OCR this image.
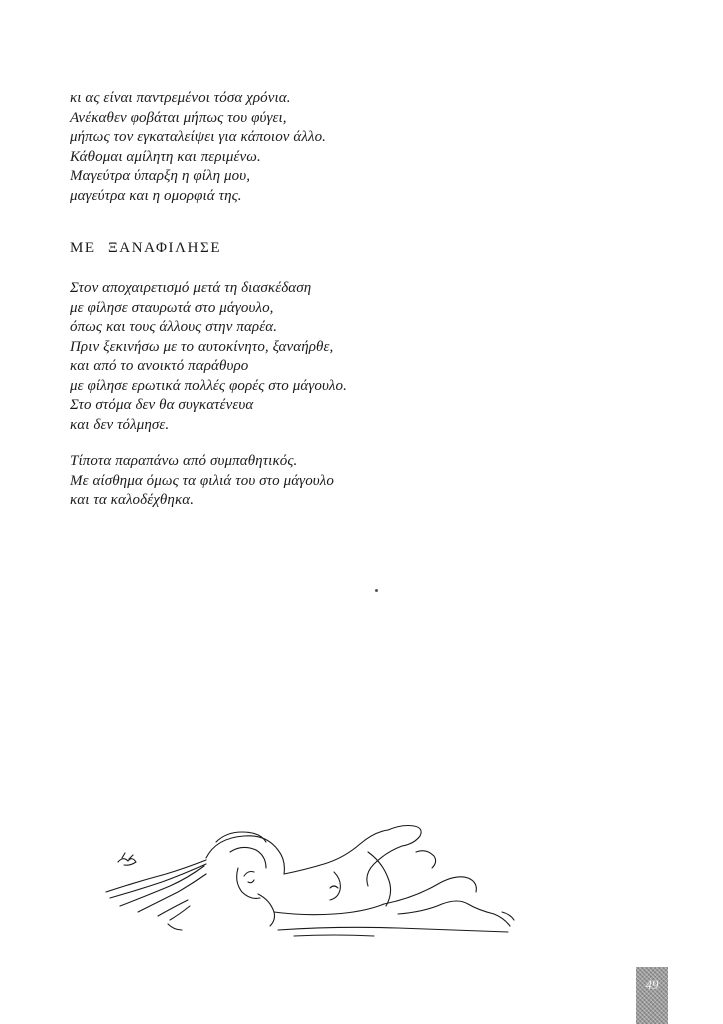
κι ας είναι παντρεμένοι τόσα χρόνια.
Ανέκαθεν φοβάται μήπως του φύγει,
μήπως τον εγκαταλείψει για κάποιον άλλο.
Κάθομαι αμίλητη και περιμένω.
Μαγεύτρα ύπαρξη η φίλη μου,
μαγεύτρα και η ομορφιά της.
ΜΕ ΞΑΝΑΦΙΛΗΣΕ
Στον αποχαιρετισμό μετά τη διασκέδαση
με φίλησε σταυρωτά στο μάγουλο,
όπως και τους άλλους στην παρέα.
Πριν ξεκινήσω με το αυτοκίνητο, ξαναήρθε,
και από το ανοικτό παράθυρο
με φίλησε ερωτικά πολλές φορές στο μάγουλο.
Στο στόμα δεν θα συγκατένευα
και δεν τόλμησε.
Τίποτα παραπάνω από συμπαθητικός.
Με αίσθημα όμως τα φιλιά του στο μάγουλο
και τα καλοδέχθηκα.
49
